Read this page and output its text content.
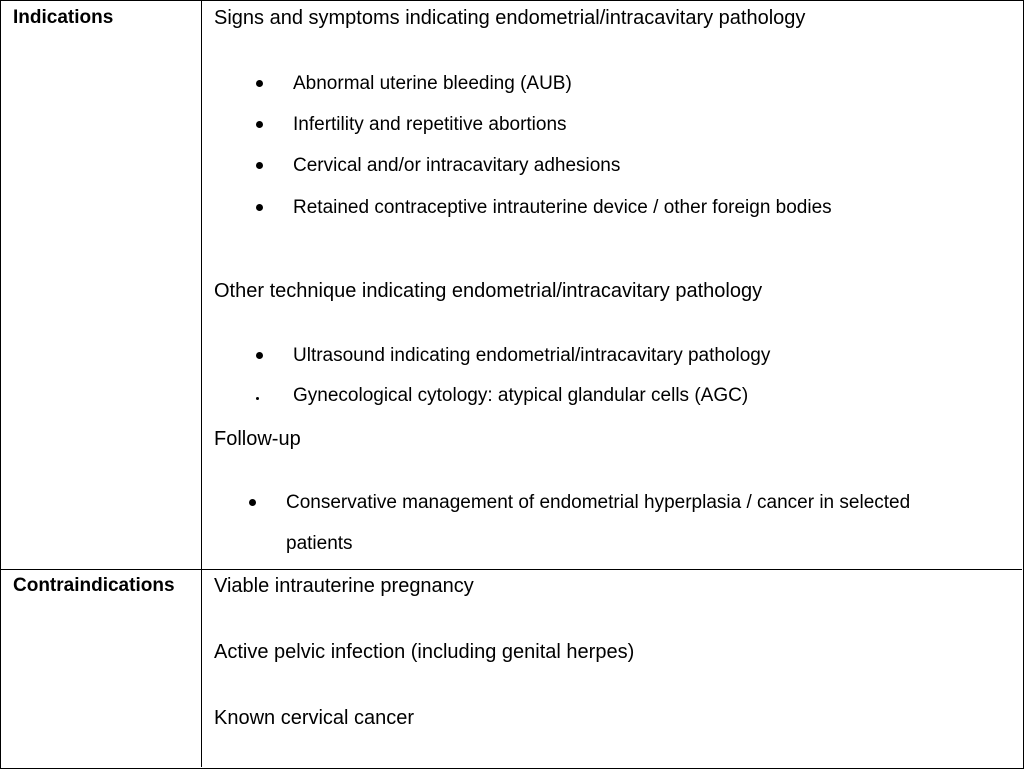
Indications	Signs and symptoms indicating endometrial/intracavitary pathology
Abnormal uterine bleeding (AUB)
Infertility and repetitive abortions
Cervical and/or intracavitary adhesions
Retained contraceptive intrauterine device / other foreign bodies
Other technique indicating endometrial/intracavitary pathology
Ultrasound indicating endometrial/intracavitary pathology
Gynecological cytology: atypical glandular cells (AGC)
Follow-up
Conservative management of endometrial hyperplasia / cancer in selected
patients
Contraindications Viable intrauterine pregnancy
Active pelvic infection (including genital herpes)
Known cervical cancer
